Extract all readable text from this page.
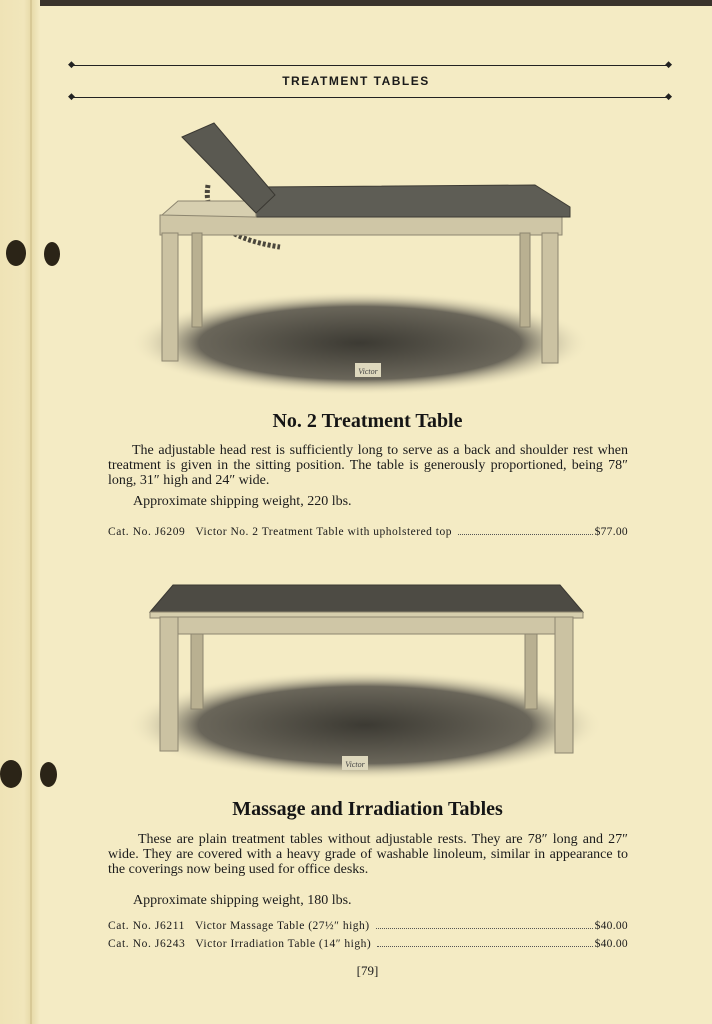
◆	◆
TREATMENT TABLES
◆	◆
Victor
No. 2 Treatment Table

The adjustable head rest is sufficiently long to serve as a back and shoulder rest when treatment is given in the sitting position. The table is generously proportioned, being 78″ long, 31″ high and 24″ wide.

Approximate shipping weight, 220 lbs.
Cat. No. J6209 Victor No. 2 Treatment Table with upholstered top	$77.00
Victor
Massage and Irradiation Tables

These are plain treatment tables without adjustable rests. They are 78″ long and 27″ wide. They are covered with a heavy grade of washable linoleum, similar in appearance to the coverings now being used for office desks.

Approximate shipping weight, 180 lbs.
Cat. No. J6211 Victor Massage Table (27½″ high)	$40.00
Cat. No. J6243 Victor Irradiation Table (14″ high)	$40.00
[79]
